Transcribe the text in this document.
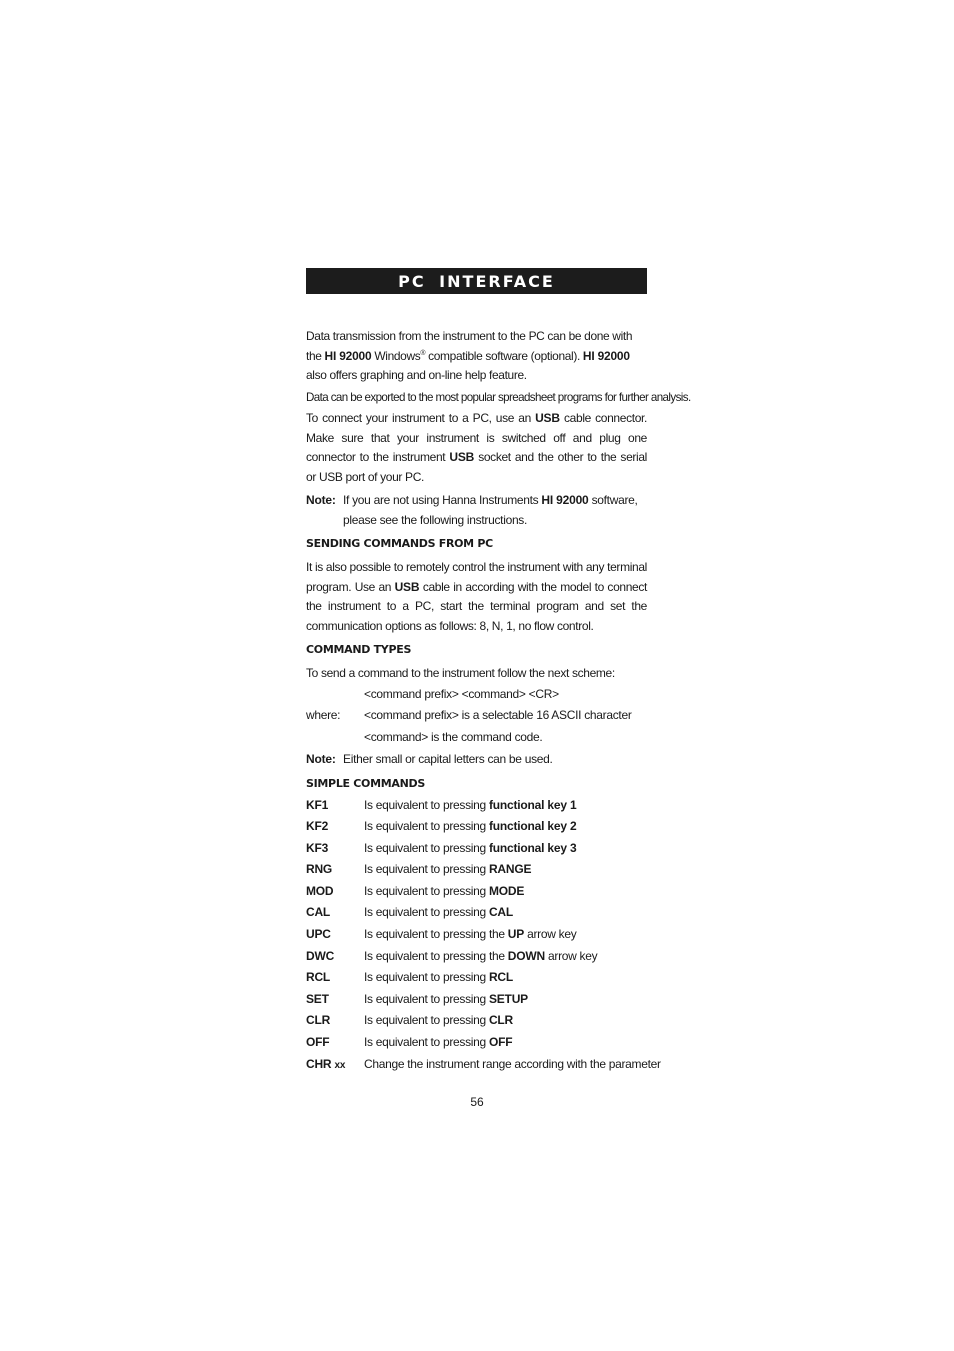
PC INTERFACE

Data transmission from the instrument to the PC can be done with the HI 92000 Windows® compatible software (optional). HI 92000 also offers graphing and on-line help feature.

Data can be exported to the most popular spreadsheet programs for further analysis.

To connect your instrument to a PC, use an USB cable connector. Make sure that your instrument is switched off and plug one connector to the instrument USB socket and the other to the serial or USB port of your PC.

Note: If you are not using Hanna Instruments HI 92000 software, please see the following instructions.
SENDING COMMANDS FROM PC

It is also possible to remotely control the instrument with any terminal program. Use an USB cable in according with the model to connect the instrument to a PC, start the terminal program and set the communication options as follows: 8, N, 1, no flow control.

COMMAND TYPES

To send a command to the instrument follow the next scheme:

<command prefix> <command> <CR>
where:	<command prefix> is a selectable 16 ASCII character
<command> is the command code.
Note: Either small or capital letters can be used.
SIMPLE COMMANDS
KF1	Is equivalent to pressing functional key 1
KF2	Is equivalent to pressing functional key 2
KF3	Is equivalent to pressing functional key 3
RNG	Is equivalent to pressing RANGE
MOD	Is equivalent to pressing MODE
CAL	Is equivalent to pressing CAL
UPC	Is equivalent to pressing the UP arrow key
DWC	Is equivalent to pressing the DOWN arrow key
RCL	Is equivalent to pressing RCL
SET	Is equivalent to pressing SETUP
CLR	Is equivalent to pressing CLR
OFF	Is equivalent to pressing OFF
CHR xx	Change the instrument range according with the parameter
56
